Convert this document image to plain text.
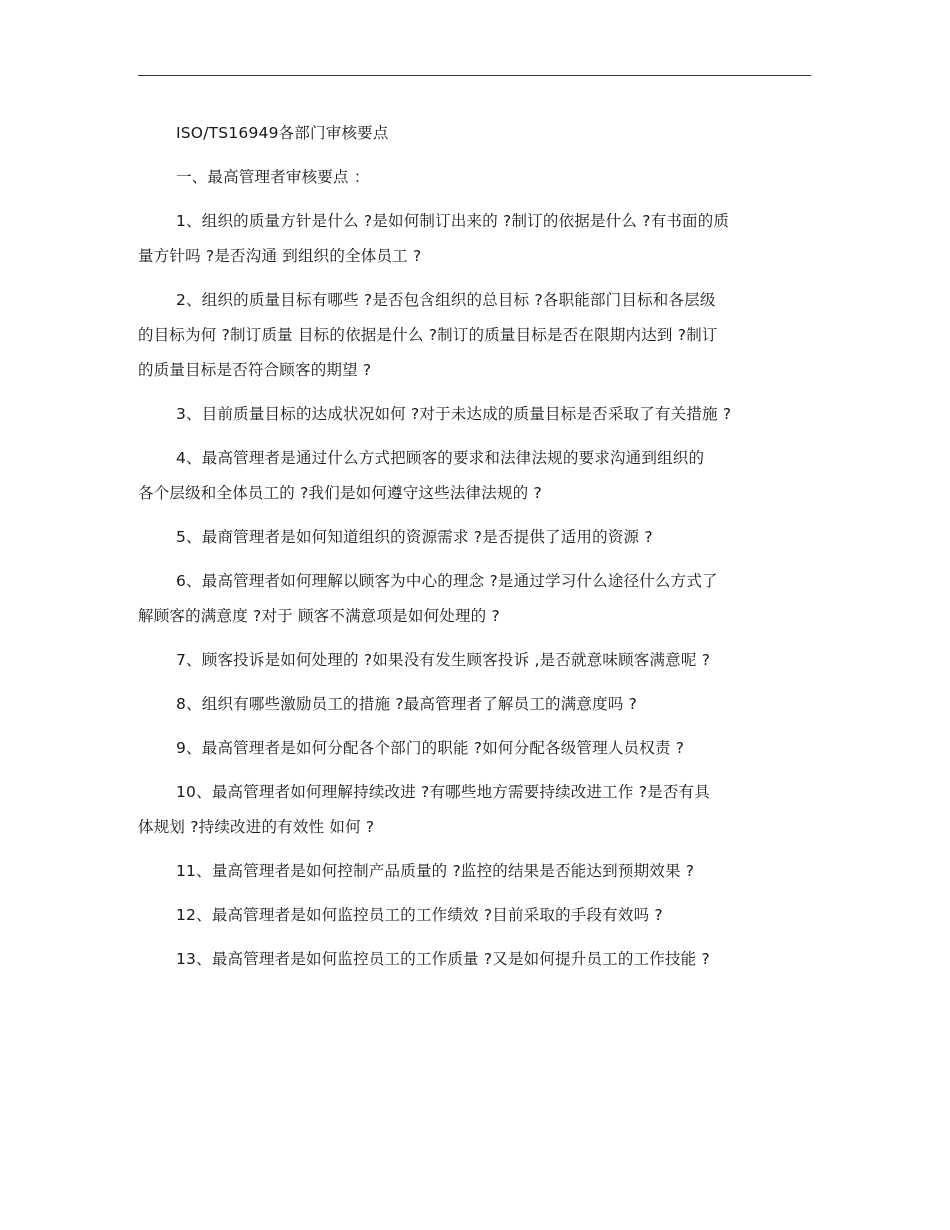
ISO/TS16949各部门审核要点
一、最高管理者审核要点 ：
1、组织的质量方针是什么 ?是如何制订出来的 ?制订的依据是什么 ?有书面的质
量方针吗 ?是否沟通 到组织的全体员工 ?
2、组织的质量目标有哪些 ?是否包含组织的总目标 ?各职能部门目标和各层级
的目标为何 ?制订质量 目标的依据是什么 ?制订的质量目标是否在限期内达到 ?制订
的质量目标是否符合顾客的期望 ?
3、目前质量目标的达成状况如何 ?对于未达成的质量目标是否采取了有关措施 ?
4、最高管理者是通过什么方式把顾客的要求和法律法规的要求沟通到组织的
各个层级和全体员工的 ?我们是如何遵守这些法律法规的 ?
5、最商管理者是如何知道组织的资源需求 ?是否提供了适用的资源 ?
6、最高管理者如何理解以顾客为中心的理念 ?是通过学习什么途径什么方式了
解顾客的满意度 ?对于 顾客不满意项是如何处理的 ?
7、顾客投诉是如何处理的 ?如果没有发生顾客投诉 ,是否就意味顾客满意呢 ?
8、组织有哪些激励员工的措施 ?最高管理者了解员工的满意度吗 ?
9、最高管理者是如何分配各个部门的职能 ?如何分配各级管理人员权责 ?
10、最高管理者如何理解持续改进 ?有哪些地方需要持续改进工作 ?是否有具
体规划 ?持续改进的有效性 如何 ?
11、量高管理者是如何控制产品质量的 ?监控的结果是否能达到预期效果 ?
12、最高管理者是如何监控员工的工作绩效 ?目前采取的手段有效吗 ?
13、最高管理者是如何监控员工的工作质量 ?又是如何提升员工的工作技能 ?
